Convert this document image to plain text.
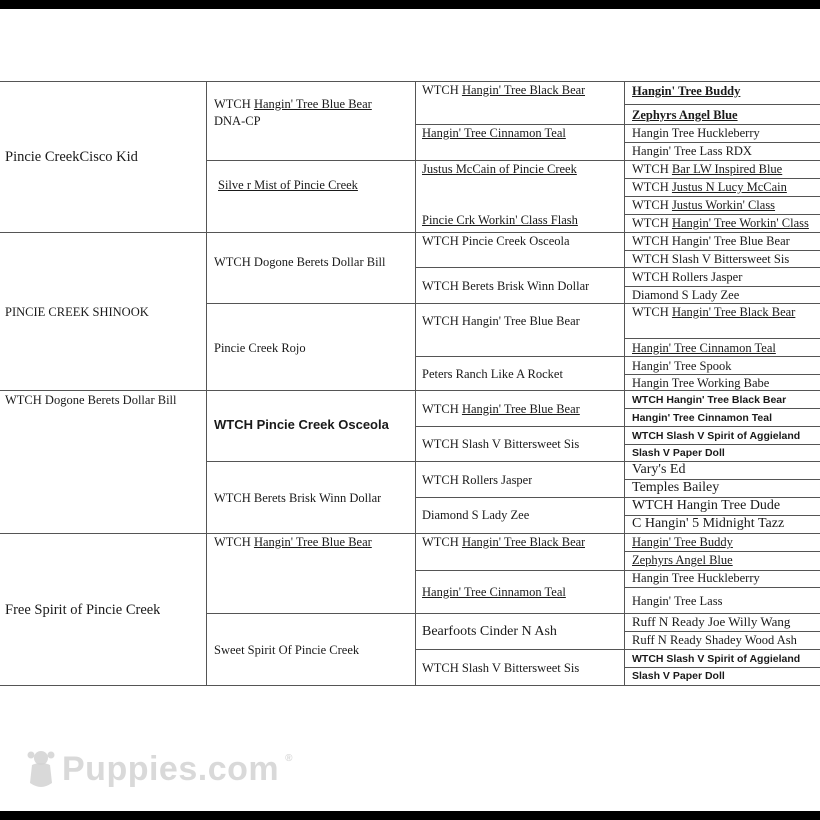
Pincie CreekCisco Kid
PINCIE CREEK SHINOOK
WTCH Dogone Berets Dollar Bill
Free Spirit of Pincie Creek
WTCH Hangin' Tree Blue Bear
DNA-CP
Silve r Mist of Pincie Creek
WTCH Dogone Berets Dollar Bill
Pincie Creek Rojo
WTCH Pincie Creek Osceola
WTCH Berets Brisk Winn Dollar
WTCH Hangin' Tree Blue Bear
Sweet Spirit Of Pincie Creek
WTCH Hangin' Tree Black Bear
Hangin' Tree Cinnamon Teal
Justus McCain of Pincie Creek
Pincie Crk Workin' Class Flash
WTCH Pincie Creek Osceola
WTCH Berets Brisk Winn Dollar
WTCH Hangin' Tree Blue Bear
Peters Ranch Like A Rocket
WTCH Hangin' Tree Blue Bear
WTCH Slash V Bittersweet Sis
WTCH Rollers Jasper
Diamond S Lady Zee
WTCH Hangin' Tree Black Bear
Hangin' Tree Cinnamon Teal
Bearfoots Cinder N Ash
WTCH Slash V Bittersweet Sis
Hangin' Tree Buddy
Zephyrs Angel Blue
Hangin Tree Huckleberry
Hangin' Tree Lass RDX
WTCH Bar LW Inspired Blue
WTCH Justus N Lucy McCain
WTCH Justus Workin' Class
WTCH Hangin' Tree Workin' Class
WTCH Hangin' Tree Blue Bear
WTCH Slash V Bittersweet Sis
WTCH Rollers Jasper
Diamond S Lady Zee
WTCH Hangin' Tree Black Bear
Hangin' Tree Cinnamon Teal
Hangin' Tree Spook
Hangin Tree Working Babe
WTCH Hangin' Tree Black Bear
Hangin' Tree Cinnamon Teal
WTCH Slash V Spirit of Aggieland
Slash V Paper Doll
Vary's Ed
Temples Bailey
WTCH Hangin Tree Dude
C Hangin' 5 Midnight Tazz
Hangin' Tree Buddy
Zephyrs Angel Blue
Hangin Tree Huckleberry
Hangin' Tree Lass
Ruff N Ready Joe Willy Wang
Ruff N Ready Shadey Wood Ash
WTCH Slash V Spirit of Aggieland
Slash V Paper Doll
Puppies.com ®
